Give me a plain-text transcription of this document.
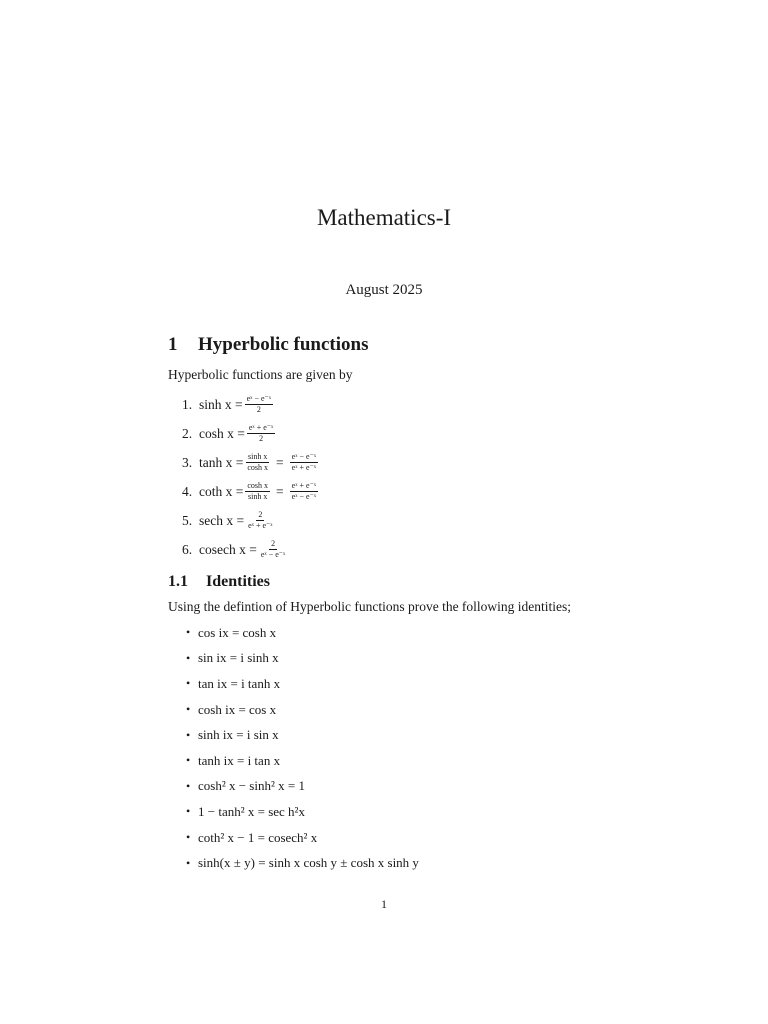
Mathematics-I
August 2025
1 Hyperbolic functions
Hyperbolic functions are given by
1. $\sinh x = \frac{\text{eˣ − e⁻ˣ}}{2}$
2. $\cosh x = \frac{\text{eˣ + e⁻ˣ}}{2}$
3. $\tanh x = \frac{\text{sinh x}}{\text{cosh x}} = \frac{\text{eˣ − e⁻ˣ}}{\text{eˣ + e⁻ˣ}}$
4. coth $x = \frac{\text{cosh x}}{\text{sinh x}} = \frac{\text{eˣ + e⁻ˣ}}{\text{eˣ − e⁻ˣ}}$
5. sech $x = \frac{2}{\text{eˣ + e⁻ˣ}}$
6. cosech $x = \frac{2}{\text{eˣ − e⁻ˣ}}$
1.1 Identities
Using the defintion of Hyperbolic functions prove the following identities;
• cos ix = cosh x
• sin ix = i sinh x
• tan ix = i tanh x
• cosh ix = cos x
• sinh ix = i sin x
• tanh ix = i tan x
• cosh² x − sinh² x = 1
• 1 − tanh² x = sec h²x
• coth² x − 1 = cosech² x
• sinh(x ± y) = sinh x cosh y ± cosh x sinh y
1
